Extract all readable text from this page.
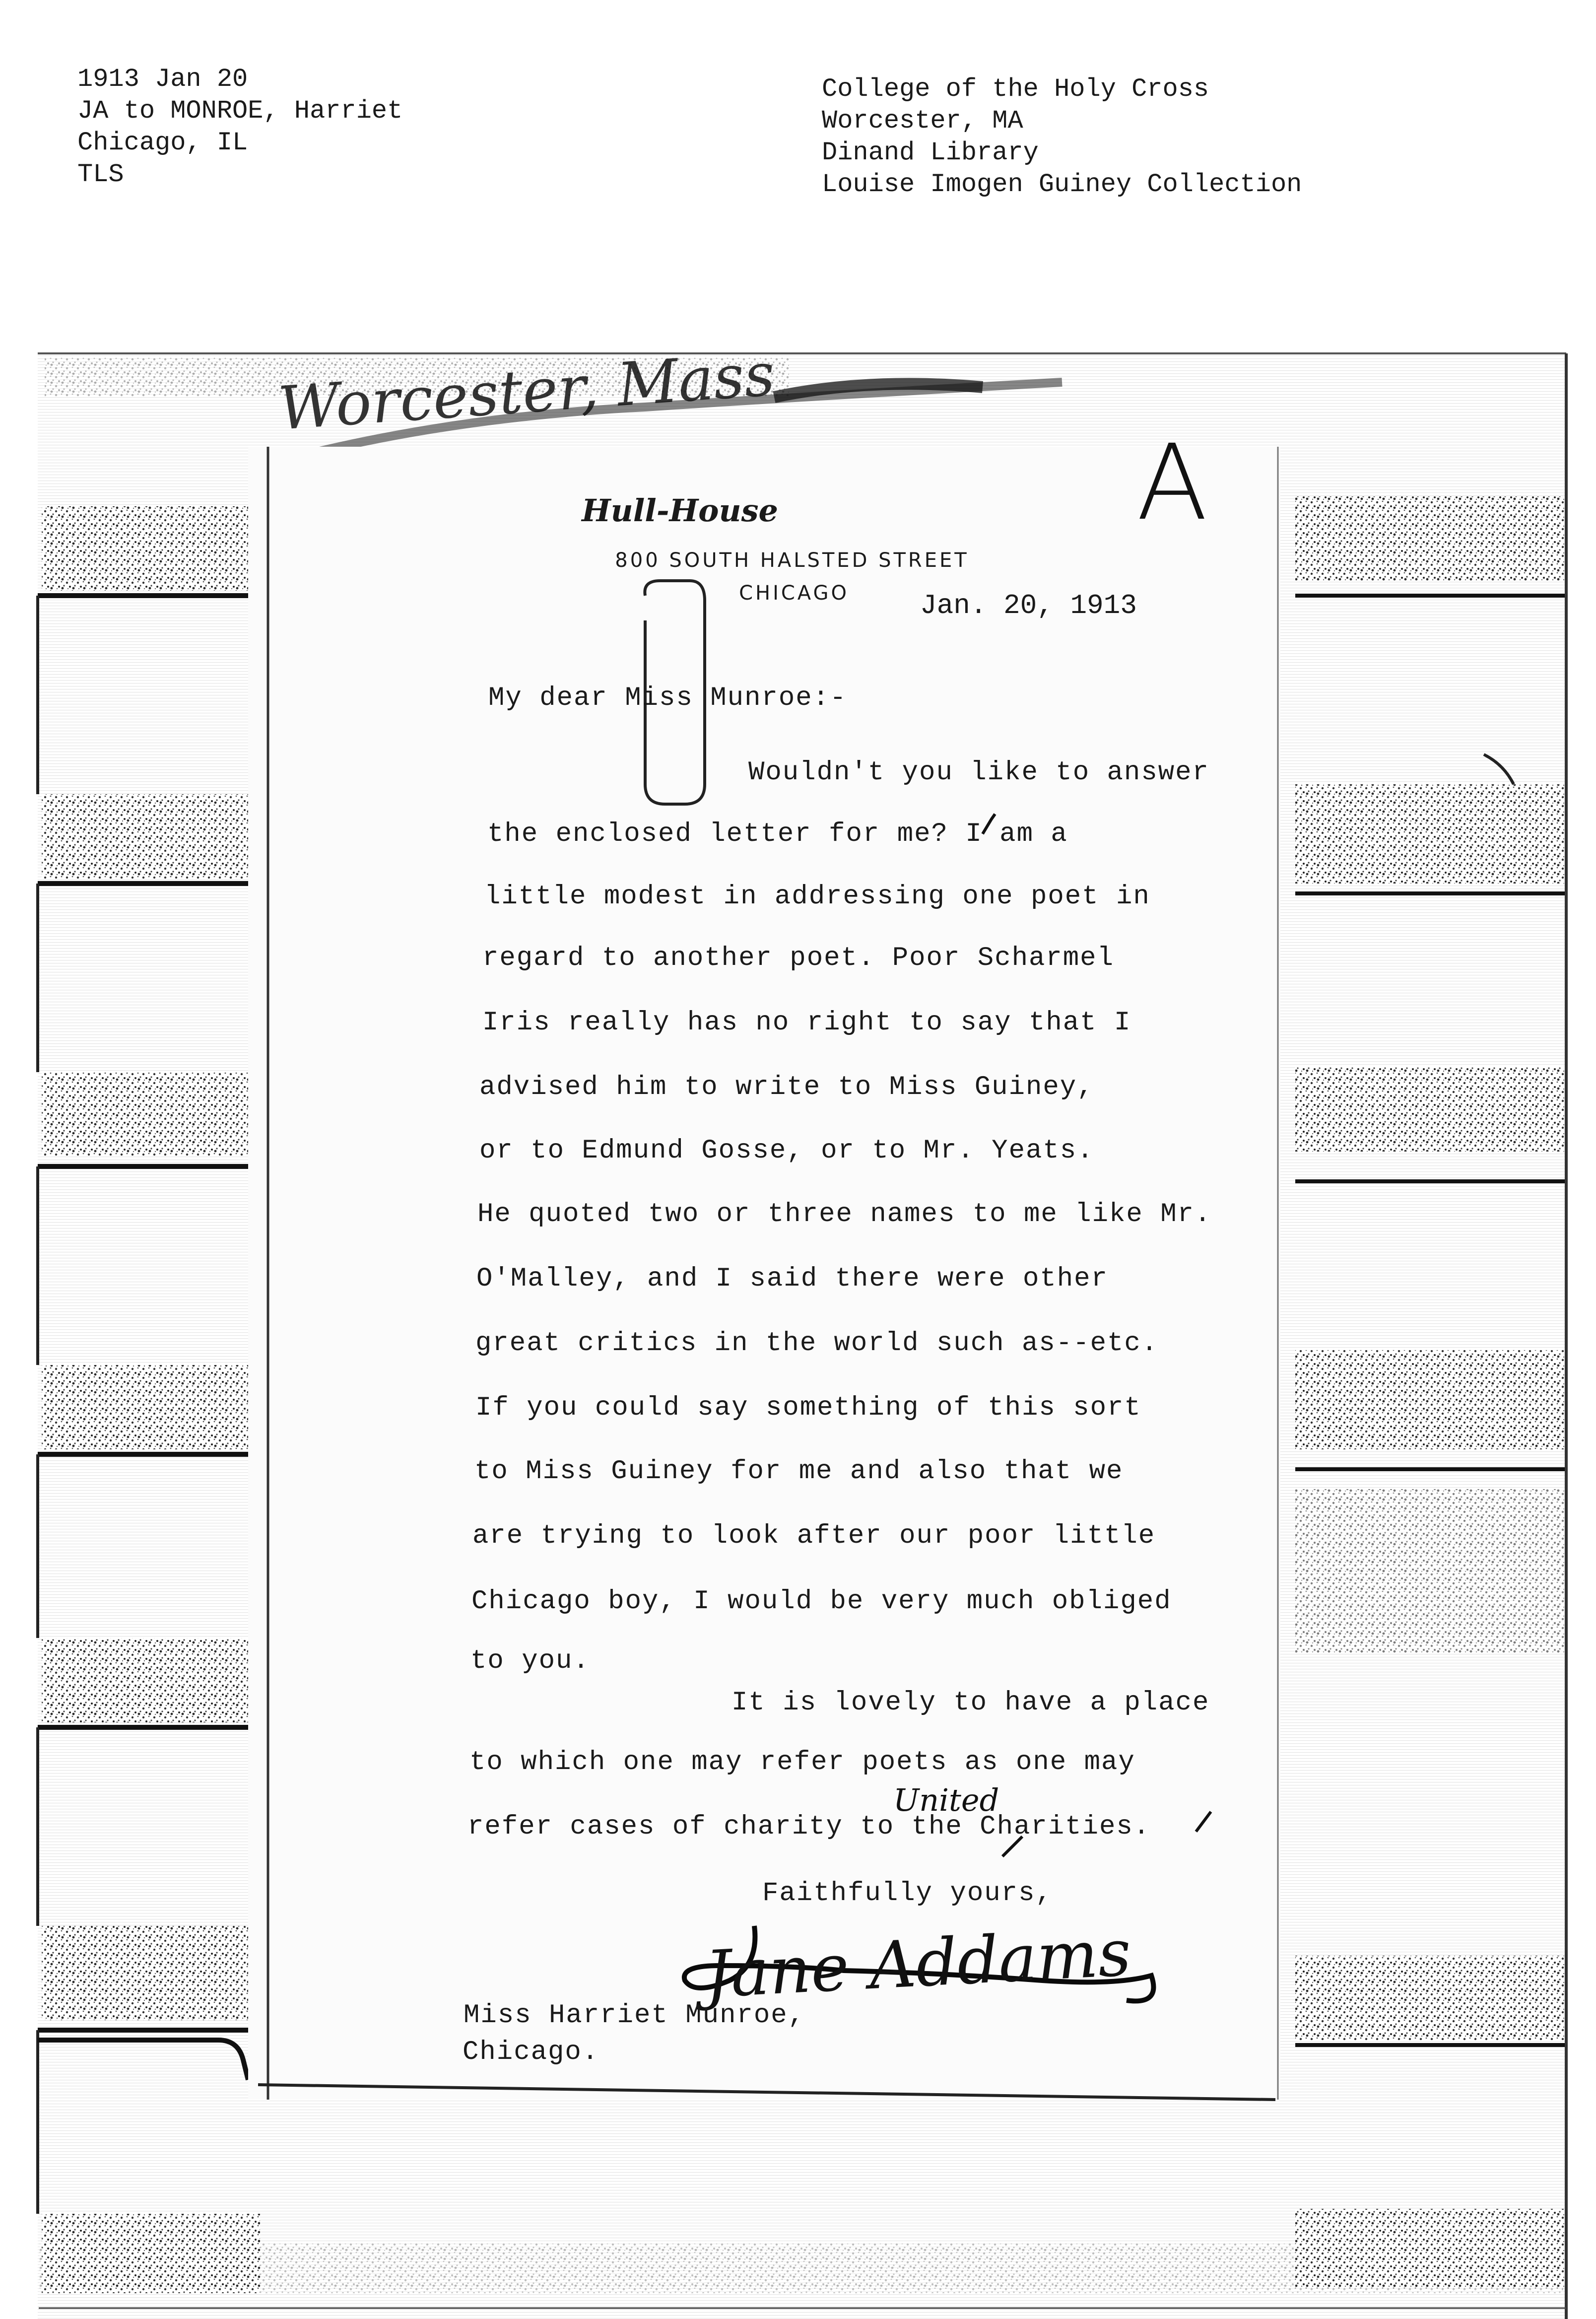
1913 Jan 20
JA to MONROE, Harriet
Chicago, IL
TLS
College of the Holy Cross
Worcester, MA
Dinand Library
Louise Imogen Guiney Collection
Worcester, Mass
A
Hull-House
800 SOUTH HALSTED STREET
CHICAGO	Jan. 20, 1913
My dear Miss Munroe:-
Wouldn't you like to answer
the enclosed letter for me? I am a
little modest in addressing one poet in
regard to another poet. Poor Scharmel
Iris really has no right to say that I
advised him to write to Miss Guiney,
or to Edmund Gosse, or to Mr. Yeats.
He quoted two or three names to me like Mr.
O'Malley, and I said there were other
great critics in the world such as--etc.
If you could say something of this sort
to Miss Guiney for me and also that we
are trying to look after our poor little
Chicago boy, I would be very much obliged
to you.
It is lovely to have a place
to which one may refer poets as one may
refer cases of charity to the Charities.
United
Faithfully yours,
Jane Addams
Miss Harriet Munroe,
Chicago.
